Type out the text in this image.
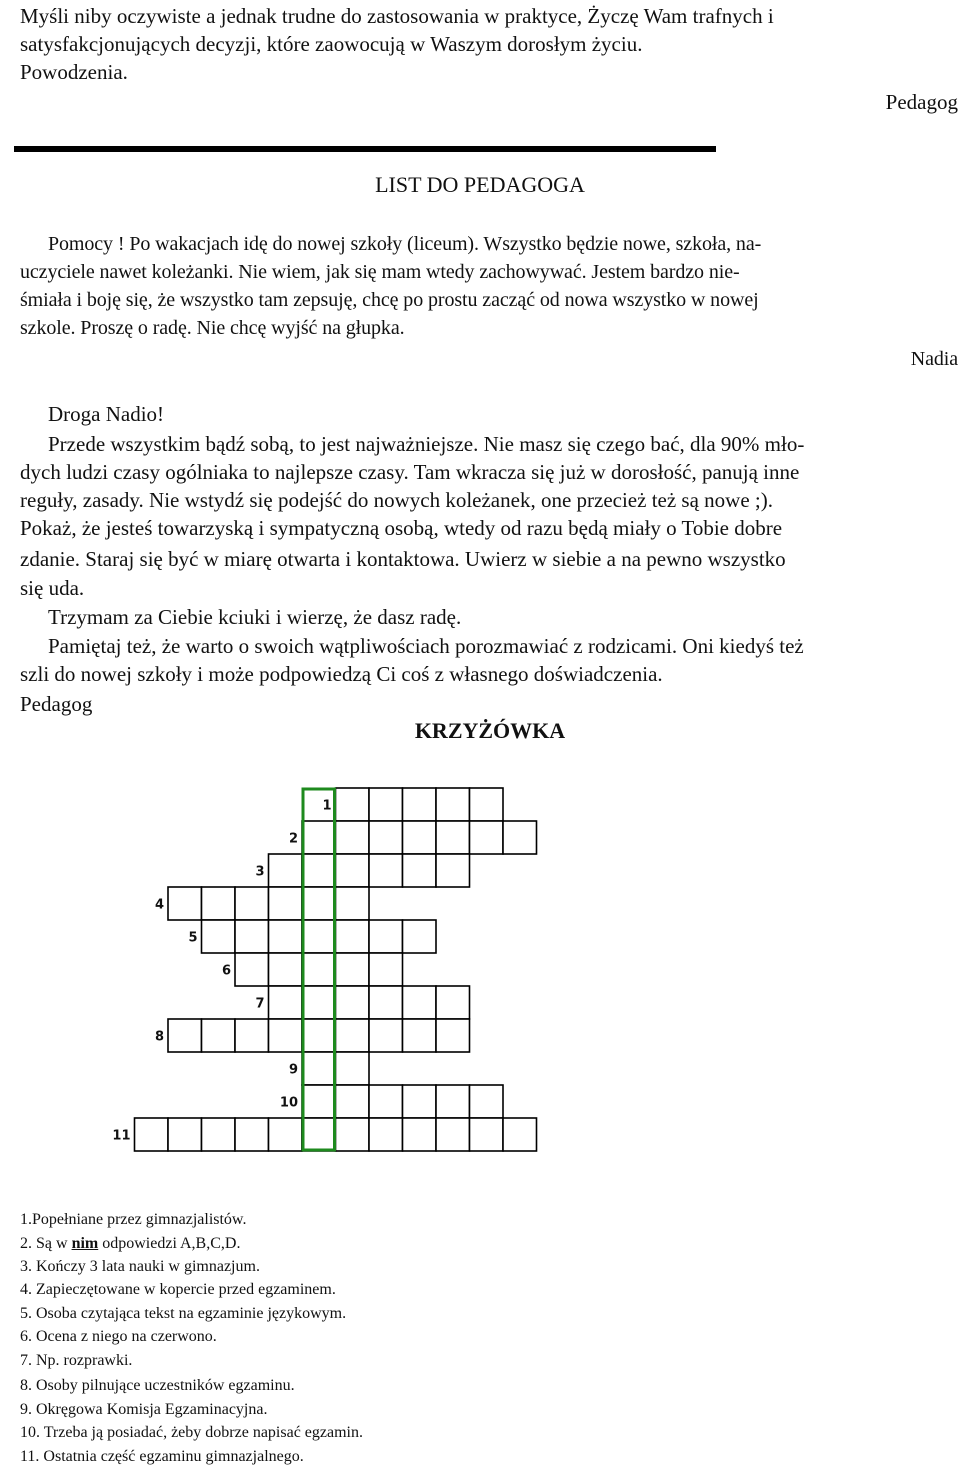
Myśli niby oczywiste a jednak trudne do zastosowania w praktyce, Życzę Wam trafnych i
satysfakcjonujących decyzji, które zaowocują w Waszym dorosłym życiu.
Powodzenia.
Pedagog
LIST DO PEDAGOGA
Pomocy ! Po wakacjach idę do nowej szkoły (liceum). Wszystko będzie nowe, szkoła, na-
uczyciele nawet koleżanki. Nie wiem, jak się mam wtedy zachowywać. Jestem bardzo nie-
śmiała i boję się, że wszystko tam zepsuję, chcę po prostu zacząć od nowa wszystko w nowej
szkole. Proszę o radę. Nie chcę wyjść na głupka.
Nadia
Droga Nadio!
Przede wszystkim bądź sobą, to jest najważniejsze. Nie masz się czego bać, dla 90% mło-
dych ludzi czasy ogólniaka to najlepsze czasy. Tam wkracza się już w dorosłość, panują inne
reguły, zasady. Nie wstydź się podejść do nowych koleżanek, one przecież też są nowe ;).
Pokaż, że jesteś towarzyską i sympatyczną osobą, wtedy od razu będą miały o Tobie dobre
zdanie. Staraj się być w miarę otwarta i kontaktowa. Uwierz w siebie a na pewno wszystko
się uda.
Trzymam za Ciebie kciuki i wierzę, że dasz radę.
Pamiętaj też, że warto o swoich wątpliwościach porozmawiać z rodzicami. Oni kiedyś też
szli do nowej szkoły i może podpowiedzą Ci coś z własnego doświadczenia.
Pedagog
KRZYŻÓWKA
1
2
3
4
5
6
7
8
9
10
11
1.Popełniane przez gimnazjalistów.
2. Są w nim odpowiedzi A,B,C,D.
3. Kończy 3 lata nauki w gimnazjum.
4. Zapieczętowane w kopercie przed egzaminem.
5. Osoba czytająca tekst na egzaminie językowym.
6. Ocena z niego na czerwono.
7. Np. rozprawki.
8. Osoby pilnujące uczestników egzaminu.
9. Okręgowa Komisja Egzaminacyjna.
10. Trzeba ją posiadać, żeby dobrze napisać egzamin.
11. Ostatnia część egzaminu gimnazjalnego.
